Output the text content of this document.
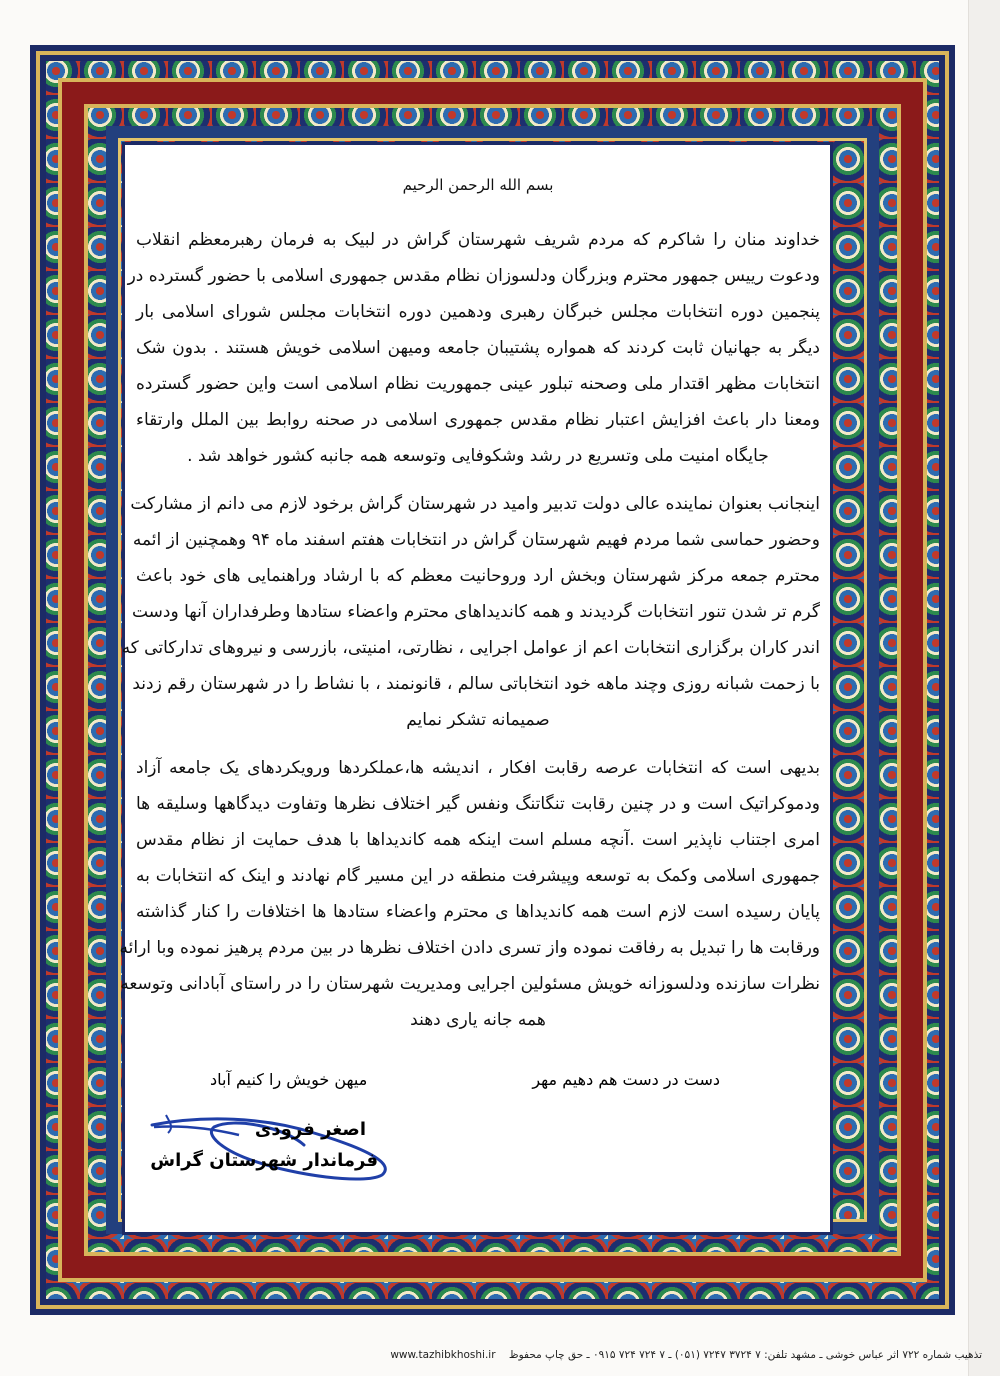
بسم الله الرحمن الرحیم
خداوند منان را شاکرم که مردم شریف شهرستان گراش در لبیک به فرمان رهبرمعظم انقلاب
ودعوت رییس جمهور محترم وبزرگان ودلسوزان نظام مقدس جمهوری اسلامی با حضور گسترده در
پنجمین دوره انتخابات مجلس خبرگان رهبری ودهمین دوره انتخابات مجلس شورای اسلامی بار
دیگر به جهانیان ثابت کردند که همواره پشتیبان جامعه ومیهن اسلامی خویش هستند . بدون شک
انتخابات مظهر اقتدار ملی وصحنه تبلور عینی جمهوریت نظام اسلامی است واین حضور گسترده
ومعنا دار باعث افزایش اعتبار نظام مقدس جمهوری اسلامی در صحنه روابط بین الملل وارتقاء
جایگاه امنیت ملی وتسریع در رشد وشکوفایی وتوسعه همه جانبه کشور خواهد شد .
اینجانب بعنوان نماینده عالی دولت تدبیر وامید در شهرستان گراش برخود لازم می دانم از مشارکت
وحضور حماسی شما مردم فهیم شهرستان گراش در انتخابات هفتم اسفند ماه ۹۴ وهمچنین از ائمه
محترم جمعه مرکز شهرستان وبخش ارد وروحانیت معظم که با ارشاد وراهنمایی های خود باعث
گرم تر شدن تنور انتخابات گردیدند و همه کاندیداهای محترم واعضاء ستادها وطرفداران آنها ودست
اندر کاران برگزاری انتخابات اعم از عوامل اجرایی ، نظارتی، امنیتی، بازرسی و نیروهای تدارکاتی که
با زحمت شبانه روزی وچند ماهه خود انتخاباتی سالم ، قانونمند ، با نشاط را در شهرستان رقم زدند
صمیمانه تشکر نمایم
بدیهی است که انتخابات عرصه رقابت افکار ، اندیشه ها،عملکردها ورویکردهای یک جامعه آزاد
ودموکراتیک است و در چنین رقابت تنگاتنگ ونفس گیر اختلاف نظرها وتفاوت دیدگاهها وسلیقه ها
امری اجتناب ناپذیر است .آنچه مسلم است اینکه همه کاندیداها با هدف حمایت از نظام مقدس
جمهوری اسلامی وکمک به توسعه وپیشرفت منطقه در این مسیر گام نهادند و اینک که انتخابات به
پایان رسیده است لازم است همه کاندیداها ی محترم واعضاء ستادها ها اختلافات را کنار گذاشته
ورقابت ها را تبدیل به رفاقت نموده واز تسری دادن اختلاف نظرها در بین مردم پرهیز نموده وبا ارائه
نظرات سازنده ودلسوزانه خویش مسئولین اجرایی ومدیریت شهرستان را در راستای آبادانی وتوسعه
همه جانه یاری دهند
دست در دست هم دهیم مهر
میهن خویش را کنیم آباد
اصغر فرودی
فرماندار شهرستان گراش
تذهیب شماره ۷۲۲ اثر عباس خوشی ـ مشهد تلفن: ۷ ۳۷۲۴ ۷۲۴۷ (۰۵۱) ـ ۷ ۷۲۴ ۷۲۴ ۰۹۱۵ ـ حق چاپ محفوظ www.tazhibkhoshi.ir
